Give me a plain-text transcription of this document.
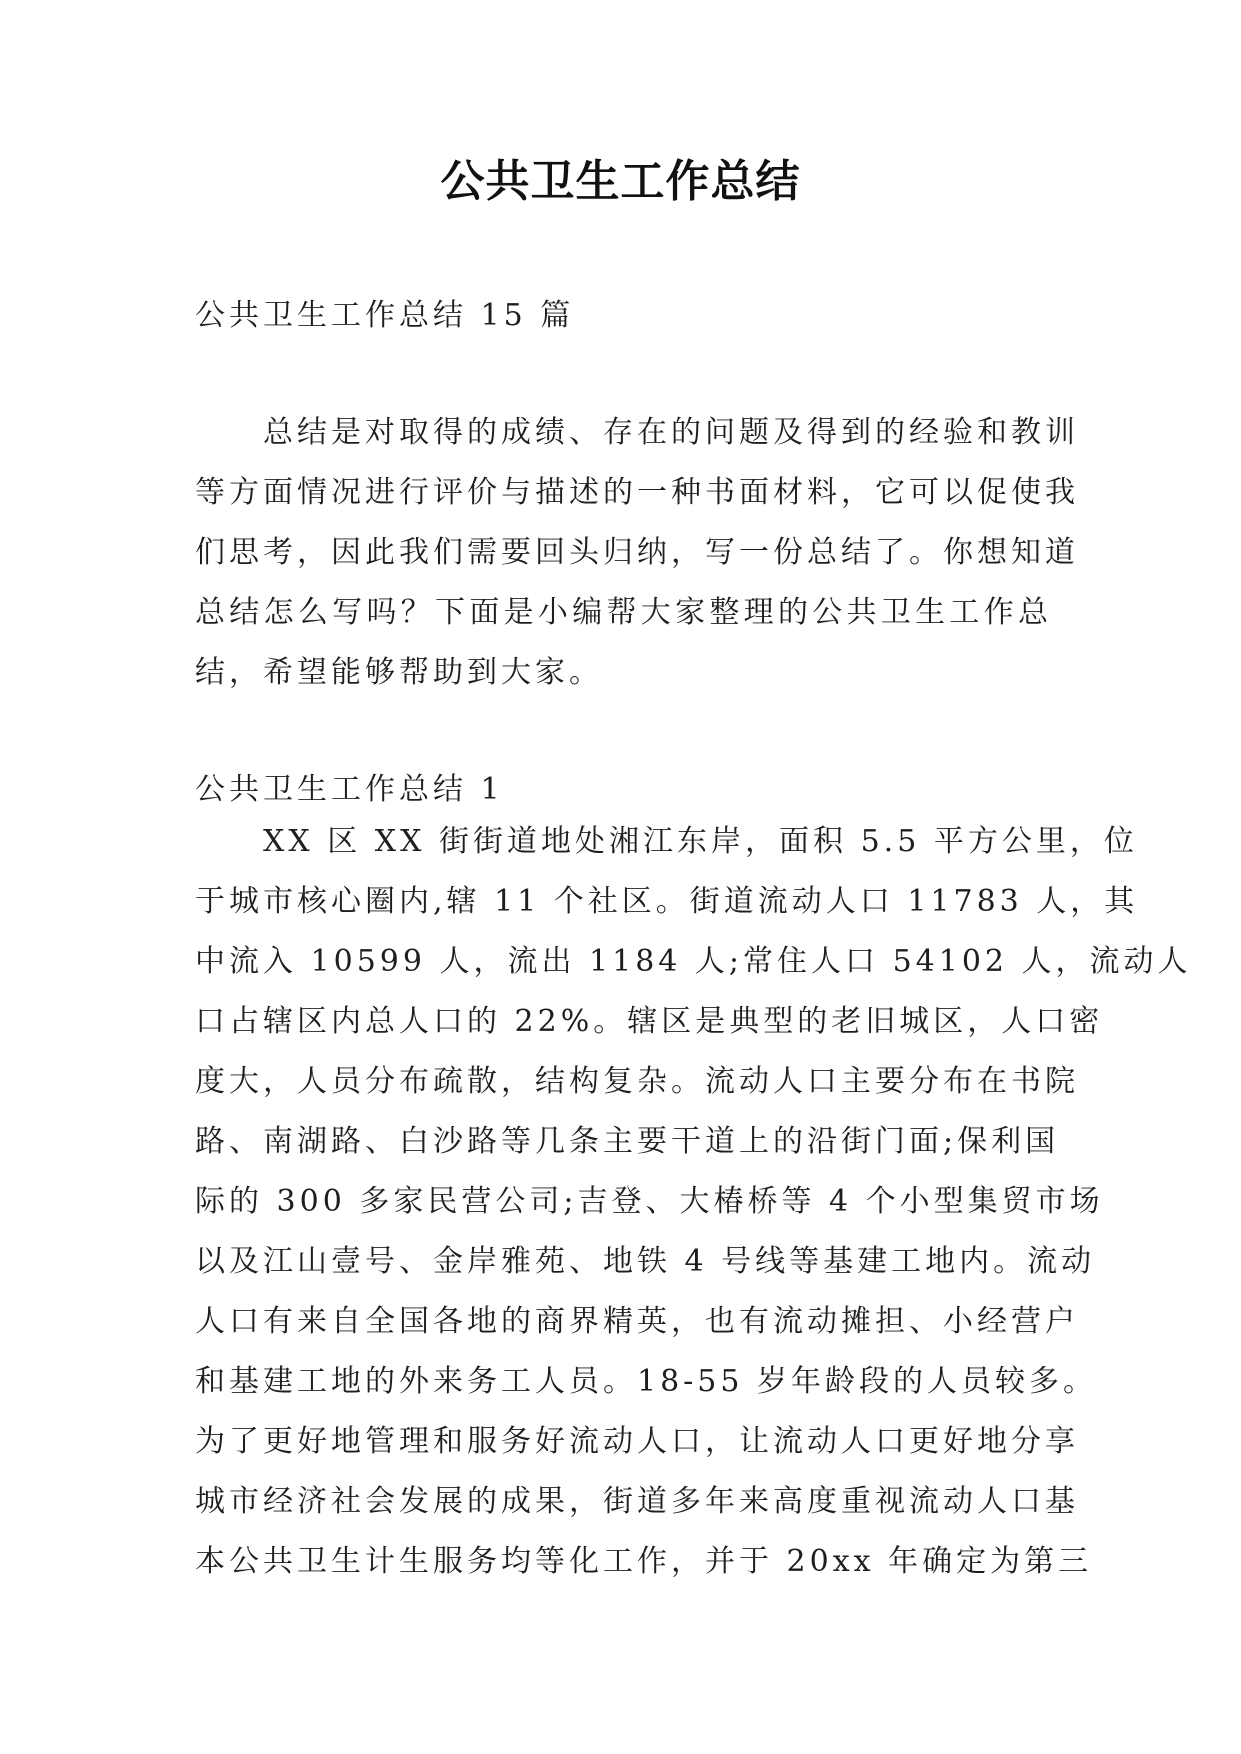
公共卫生工作总结
公共卫生工作总结 15 篇
　　总结是对取得的成绩、存在的问题及得到的经验和教训
等方面情况进行评价与描述的一种书面材料，它可以促使我
们思考，因此我们需要回头归纳，写一份总结了。你想知道
总结怎么写吗？下面是小编帮大家整理的公共卫生工作总
结，希望能够帮助到大家。
公共卫生工作总结 1
　　XX 区 XX 街街道地处湘江东岸，面积 5.5 平方公里，位
于城市核心圈内,辖 11 个社区。街道流动人口 11783 人，其
中流入 10599 人，流出 1184 人;常住人口 54102 人，流动人
口占辖区内总人口的 22%。辖区是典型的老旧城区，人口密
度大，人员分布疏散，结构复杂。流动人口主要分布在书院
路、南湖路、白沙路等几条主要干道上的沿街门面;保利国
际的 300 多家民营公司;吉登、大椿桥等 4 个小型集贸市场
以及江山壹号、金岸雅苑、地铁 4 号线等基建工地内。流动
人口有来自全国各地的商界精英，也有流动摊担、小经营户
和基建工地的外来务工人员。18-55 岁年龄段的人员较多。
为了更好地管理和服务好流动人口，让流动人口更好地分享
城市经济社会发展的成果，街道多年来高度重视流动人口基
本公共卫生计生服务均等化工作，并于 20xx 年确定为第三
